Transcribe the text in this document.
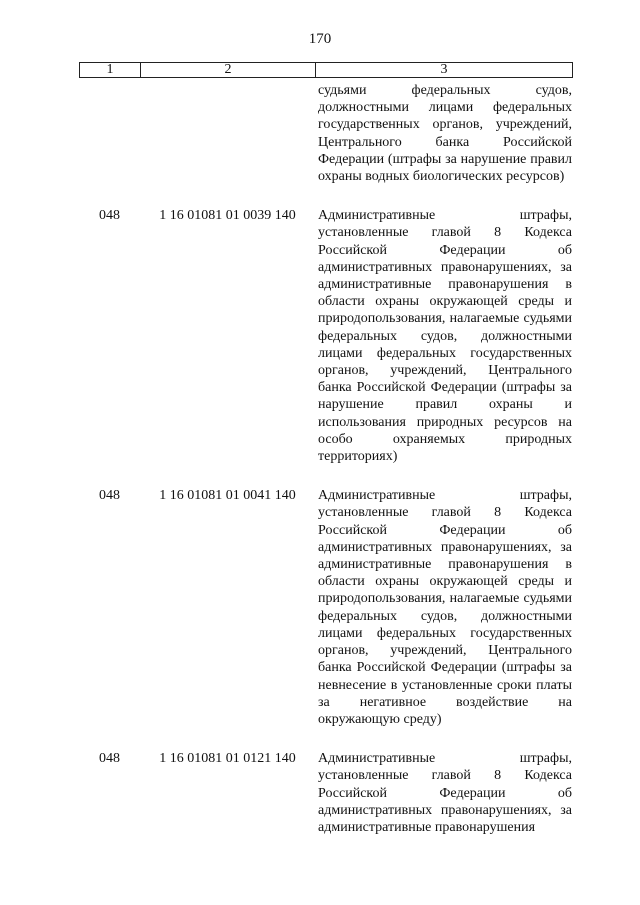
170
1	2	3
судьями федеральных судов, должностными лицами федеральных государственных органов, учреждений, Центрального банка Российской Федерации (штрафы за нарушение правил охраны водных биологических ресурсов)
048	1 16 01081 01 0039 140	Административные штрафы, установленные главой 8 Кодекса Российской Федерации об административных правонарушениях, за административные правонарушения в области охраны окружающей среды и природопользования, налагаемые судьями федеральных судов, должностными лицами федеральных государственных органов, учреждений, Центрального банка Российской Федерации (штрафы за нарушение правил охраны и использования природных ресурсов на особо охраняемых природных территориях)
048	1 16 01081 01 0041 140	Административные штрафы, установленные главой 8 Кодекса Российской Федерации об административных правонарушениях, за административные правонарушения в области охраны окружающей среды и природопользования, налагаемые судьями федеральных судов, должностными лицами федеральных государственных органов, учреждений, Центрального банка Российской Федерации (штрафы за невнесение в установленные сроки платы за негативное воздействие на окружающую среду)
048	1 16 01081 01 0121 140	Административные штрафы, установленные главой 8 Кодекса Российской Федерации об административных правонарушениях, за административные правонарушения
